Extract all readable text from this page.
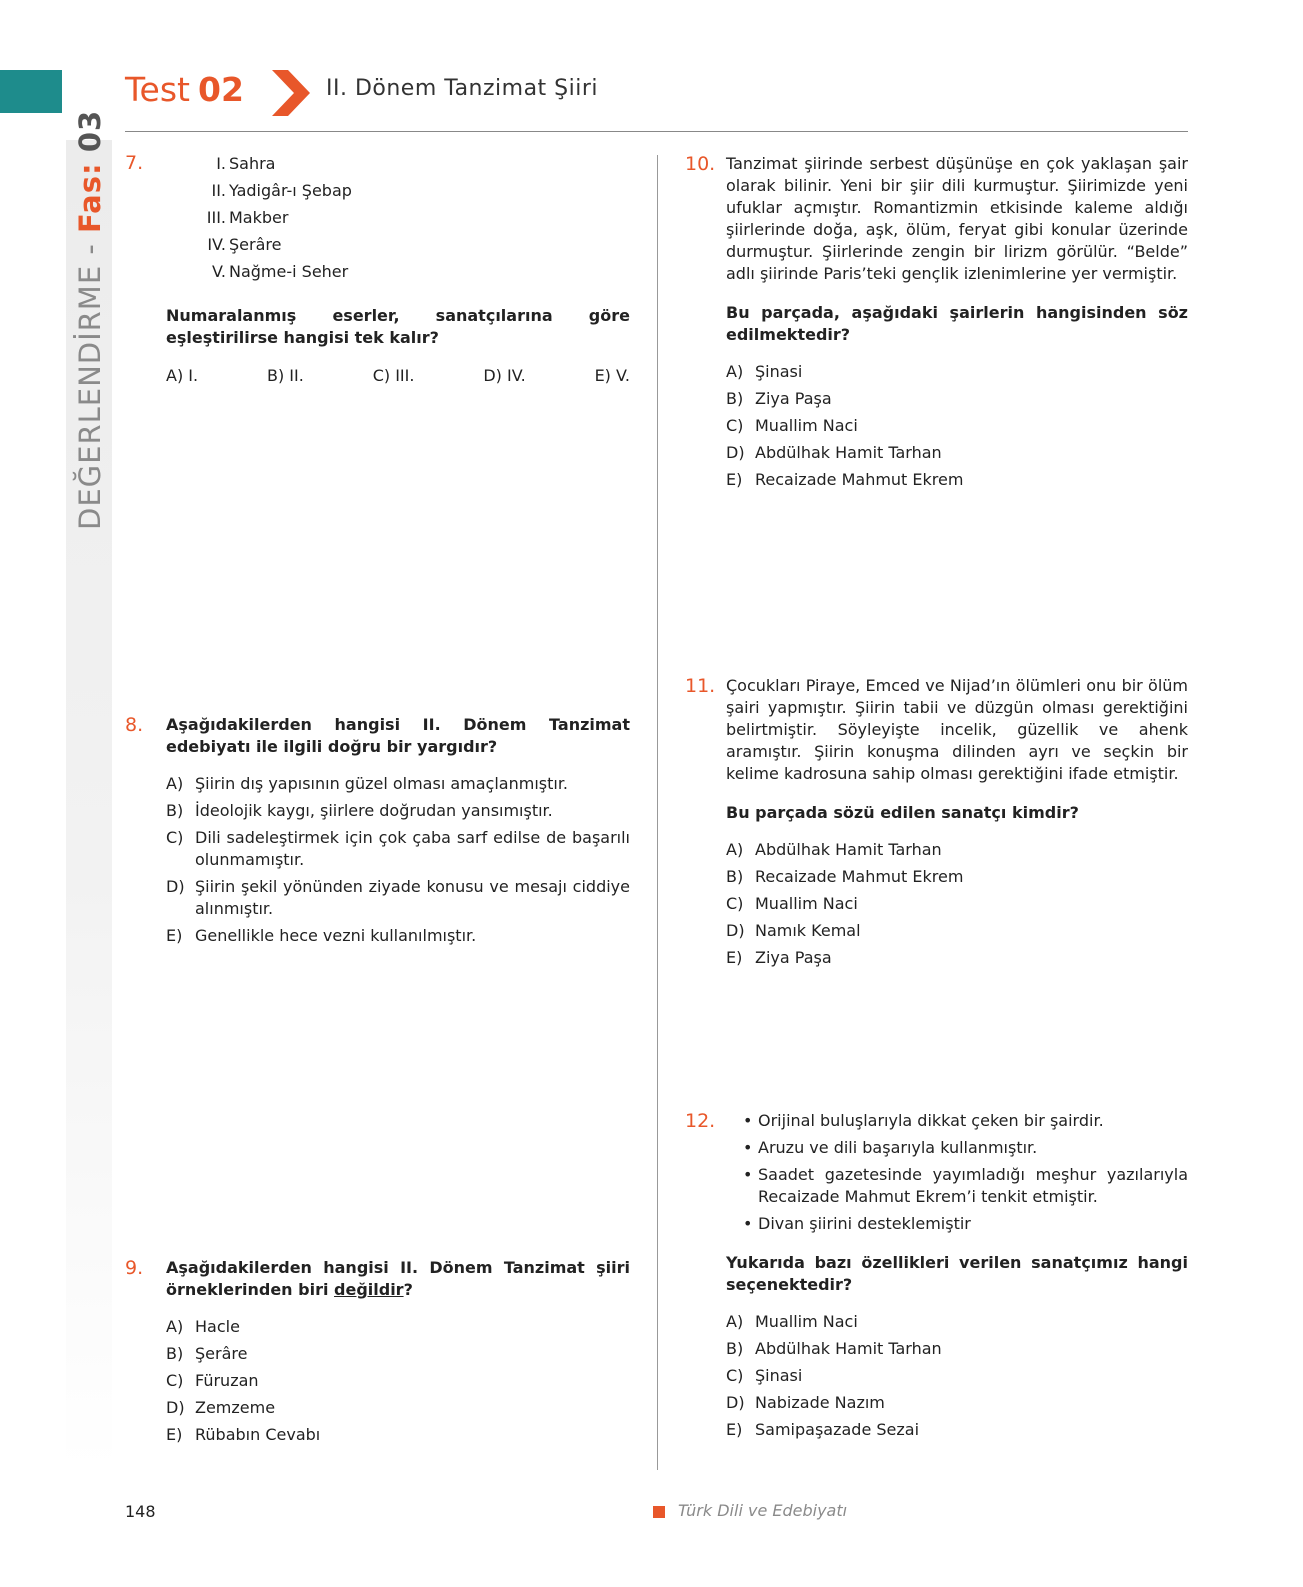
Test 02	II. Dönem Tanzimat Şiiri
DEĞERLENDİRME - Fas: 03
7.	I. Sahra
II. Yadigâr-ı Şebap
III. Makber
IV. Şerâre
V. Nağme-i Seher

Numaralanmış eserler, sanatçılarına göre eşleştirilirse hangisi tek kalır?

A) I.	B) II.	C) III.	D) IV.	E) V.
8. Aşağıdakilerden hangisi II. Dönem Tanzimat edebiyatı ile ilgili doğru bir yargıdır?

A) Şiirin dış yapısının güzel olması amaçlanmıştır.
B) İdeolojik kaygı, şiirlere doğrudan yansımıştır.
C) Dili sadeleştirmek için çok çaba sarf edilse de başarılı olunmamıştır.
D) Şiirin şekil yönünden ziyade konusu ve mesajı ciddiye alınmıştır.
E) Genellikle hece vezni kullanılmıştır.
9. Aşağıdakilerden hangisi II. Dönem Tanzimat şiiri örneklerinden biri değildir?

A) Hacle
B) Şerâre
C) Füruzan
D) Zemzeme
E) Rübabın Cevabı
10. Tanzimat şiirinde serbest düşünüşe en çok yaklaşan şair olarak bilinir. Yeni bir şiir dili kurmuştur. Şiirimizde yeni ufuklar açmıştır. Romantizmin etkisinde kaleme aldığı şiirlerinde doğa, aşk, ölüm, feryat gibi konular üzerinde durmuştur. Şiirlerinde zengin bir lirizm görülür. “Belde” adlı şiirinde Paris’teki gençlik izlenimlerine yer vermiştir.

Bu parçada, aşağıdaki şairlerin hangisinden söz edilmektedir?

A) Şinasi
B) Ziya Paşa
C) Muallim Naci
D) Abdülhak Hamit Tarhan
E) Recaizade Mahmut Ekrem
11. Çocukları Piraye, Emced ve Nijad’ın ölümleri onu bir ölüm şairi yapmıştır. Şiirin tabii ve düzgün olması gerektiğini belirtmiştir. Söyleyişte incelik, güzellik ve ahenk aramıştır. Şiirin konuşma dilinden ayrı ve seçkin bir kelime kadrosuna sahip olması gerektiğini ifade etmiştir.

Bu parçada sözü edilen sanatçı kimdir?

A) Abdülhak Hamit Tarhan
B) Recaizade Mahmut Ekrem
C) Muallim Naci
D) Namık Kemal
E) Ziya Paşa
12. • Orijinal buluşlarıyla dikkat çeken bir şairdir.
• Aruzu ve dili başarıyla kullanmıştır.
• Saadet gazetesinde yayımladığı meşhur yazılarıyla Recaizade Mahmut Ekrem’i tenkit etmiştir.
• Divan şiirini desteklemiştir

Yukarıda bazı özellikleri verilen sanatçımız hangi seçenektedir?

A) Muallim Naci
B) Abdülhak Hamit Tarhan
C) Şinasi
D) Nabizade Nazım
E) Samipaşazade Sezai
148	Türk Dili ve Edebiyatı
